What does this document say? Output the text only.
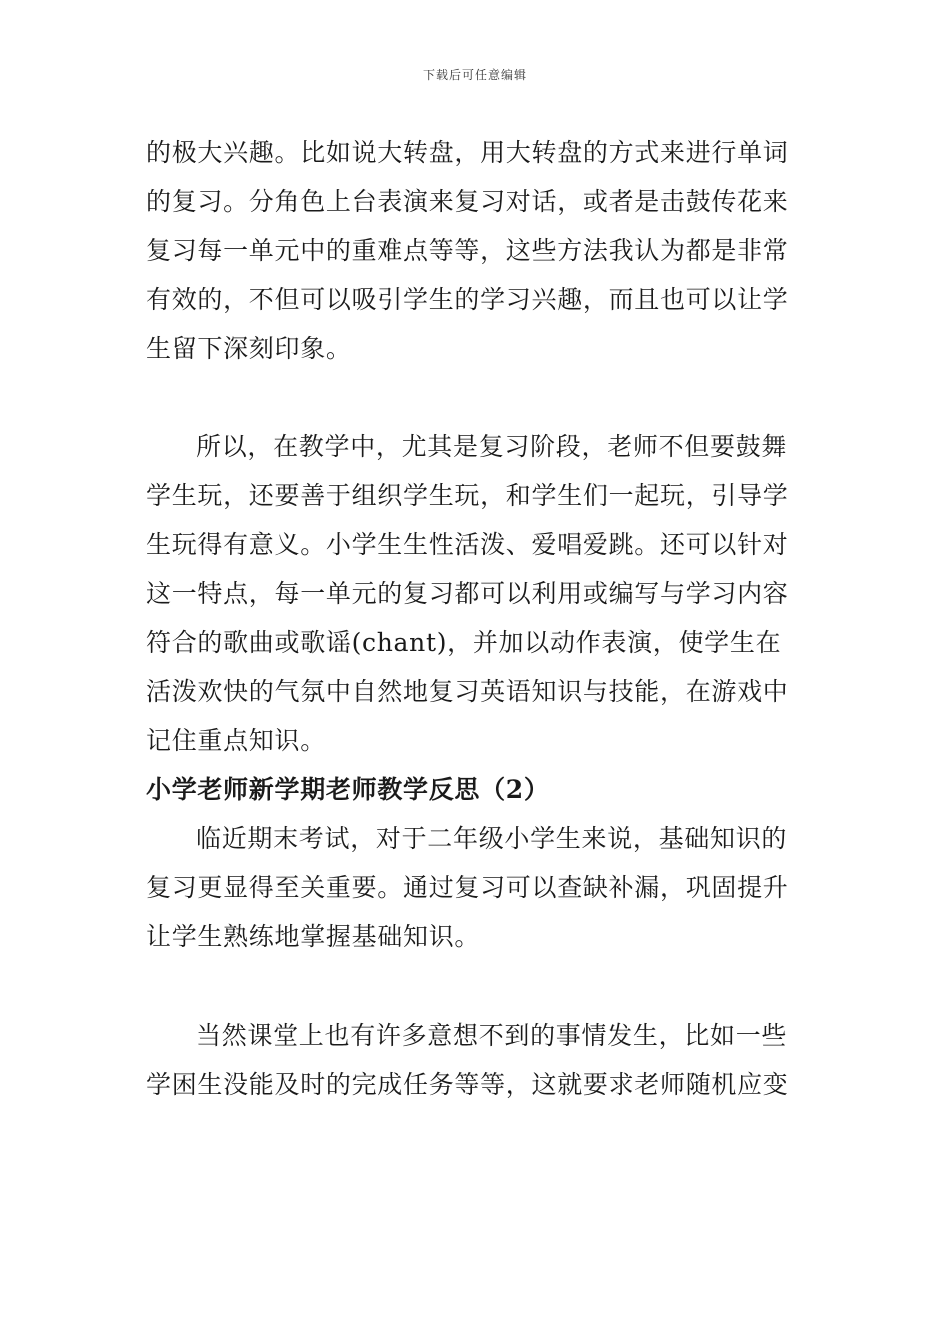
下载后可任意编辑

的极大兴趣。比如说大转盘，用大转盘的方式来进行单词的复习。分角色上台表演来复习对话，或者是击鼓传花来复习每一单元中的重难点等等，这些方法我认为都是非常有效的，不但可以吸引学生的学习兴趣，而且也可以让学生留下深刻印象。

所以，在教学中，尤其是复习阶段，老师不但要鼓舞学生玩，还要善于组织学生玩，和学生们一起玩，引导学生玩得有意义。小学生生性活泼、爱唱爱跳。还可以针对这一特点，每一单元的复习都可以利用或编写与学习内容符合的歌曲或歌谣(chant)，并加以动作表演，使学生在活泼欢快的气氛中自然地复习英语知识与技能，在游戏中记住重点知识。

小学老师新学期老师教学反思（2）

临近期末考试，对于二年级小学生来说，基础知识的复习更显得至关重要。通过复习可以查缺补漏，巩固提升让学生熟练地掌握基础知识。

当然课堂上也有许多意想不到的事情发生，比如一些学困生没能及时的完成任务等等，这就要求老师随机应变
